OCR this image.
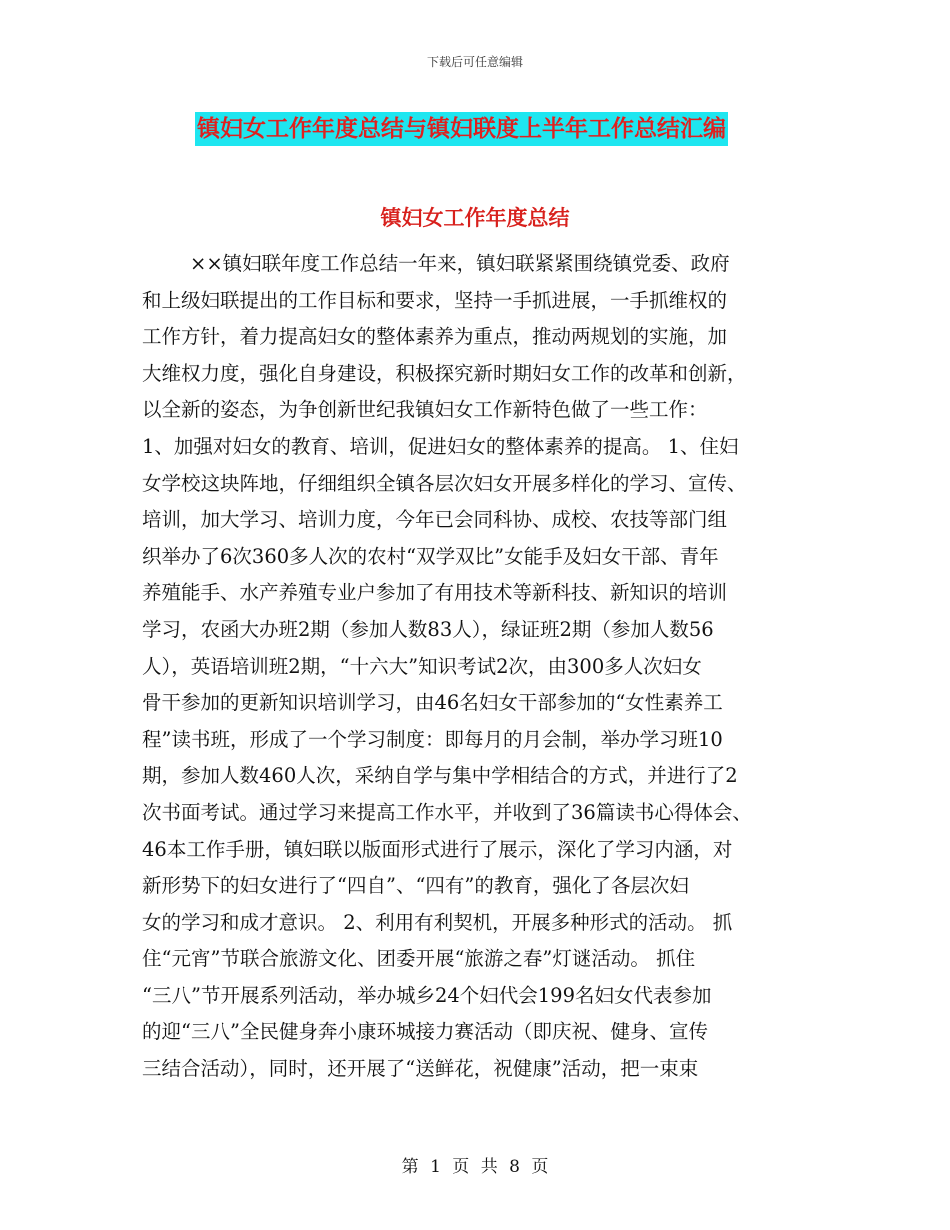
下载后可任意编辑
镇妇女工作年度总结与镇妇联度上半年工作总结汇编
镇妇女工作年度总结
××镇妇联年度工作总结一年来，镇妇联紧紧围绕镇党委、政府
和上级妇联提出的工作目标和要求，坚持一手抓进展，一手抓维权的
工作方针，着力提高妇女的整体素养为重点，推动两规划的实施，加
大维权力度，强化自身建设，积极探究新时期妇女工作的改革和创新，
以全新的姿态，为争创新世纪我镇妇女工作新特色做了一些工作：
1、加强对妇女的教育、培训，促进妇女的整体素养的提高。 1、住妇
女学校这块阵地，仔细组织全镇各层次妇女开展多样化的学习、宣传、
培训，加大学习、培训力度，今年已会同科协、成校、农技等部门组
织举办了6次360多人次的农村“双学双比”女能手及妇女干部、青年
养殖能手、水产养殖专业户参加了有用技术等新科技、新知识的培训
学习，农函大办班2期（参加人数83人），绿证班2期（参加人数56
人），英语培训班2期，“十六大”知识考试2次，由300多人次妇女
骨干参加的更新知识培训学习，由46名妇女干部参加的“女性素养工
程”读书班，形成了一个学习制度：即每月的月会制，举办学习班10
期，参加人数460人次，采纳自学与集中学相结合的方式，并进行了2
次书面考试。通过学习来提高工作水平，并收到了36篇读书心得体会、
46本工作手册，镇妇联以版面形式进行了展示，深化了学习内涵，对
新形势下的妇女进行了“四自”、“四有”的教育，强化了各层次妇
女的学习和成才意识。 2、利用有利契机，开展多种形式的活动。 抓
住“元宵”节联合旅游文化、团委开展“旅游之春”灯谜活动。 抓住
“三八”节开展系列活动，举办城乡24个妇代会199名妇女代表参加
的迎“三八”全民健身奔小康环城接力赛活动（即庆祝、健身、宣传
三结合活动），同时，还开展了“送鲜花，祝健康”活动，把一束束
第 1 页 共 8 页
